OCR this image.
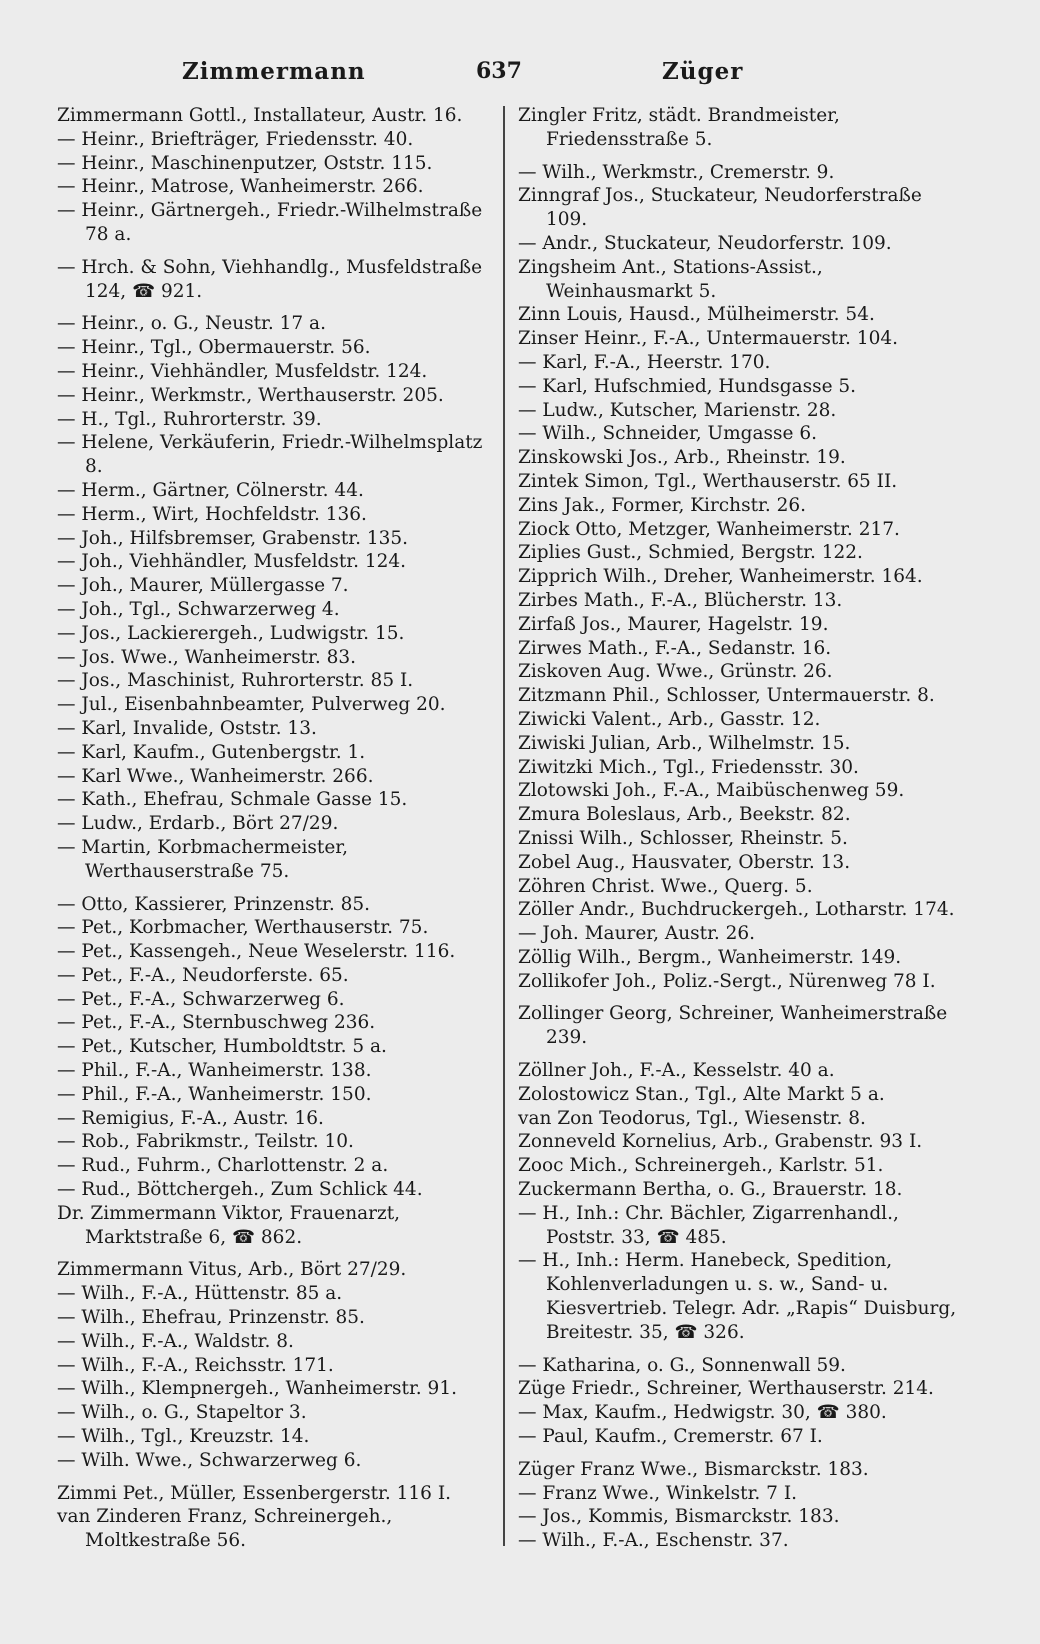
Zimmermann	637	Züger

Zimmermann Gottl., Installateur, Austr. 16.

— Heinr., Briefträger, Friedensstr. 40.

— Heinr., Maschinenputzer, Oststr. 115.

— Heinr., Matrose, Wanheimerstr. 266.

— Heinr., Gärtnergeh., Friedr.-Wilhelmstraße 78 a.

— Hrch. & Sohn, Viehhandlg., Musfeldstraße 124, ☎ 921.

— Heinr., o. G., Neustr. 17 a.

— Heinr., Tgl., Obermauerstr. 56.

— Heinr., Viehhändler, Musfeldstr. 124.

— Heinr., Werkmstr., Werthauserstr. 205.

— H., Tgl., Ruhrorterstr. 39.

— Helene, Verkäuferin, Friedr.-Wilhelmsplatz 8.

— Herm., Gärtner, Cölnerstr. 44.

— Herm., Wirt, Hochfeldstr. 136.

— Joh., Hilfsbremser, Grabenstr. 135.

— Joh., Viehhändler, Musfeldstr. 124.

— Joh., Maurer, Müllergasse 7.

— Joh., Tgl., Schwarzerweg 4.

— Jos., Lackierergeh., Ludwigstr. 15.

— Jos. Wwe., Wanheimerstr. 83.

— Jos., Maschinist, Ruhrorterstr. 85 I.

— Jul., Eisenbahnbeamter, Pulverweg 20.

— Karl, Invalide, Oststr. 13.

— Karl, Kaufm., Gutenbergstr. 1.

— Karl Wwe., Wanheimerstr. 266.

— Kath., Ehefrau, Schmale Gasse 15.

— Ludw., Erdarb., Bört 27/29.

— Martin, Korbmachermeister, Werthauserstraße 75.

— Otto, Kassierer, Prinzenstr. 85.

— Pet., Korbmacher, Werthauserstr. 75.

— Pet., Kassengeh., Neue Weselerstr. 116.

— Pet., F.-A., Neudorferste. 65.

— Pet., F.-A., Schwarzerweg 6.

— Pet., F.-A., Sternbuschweg 236.

— Pet., Kutscher, Humboldtstr. 5 a.

— Phil., F.-A., Wanheimerstr. 138.

— Phil., F.-A., Wanheimerstr. 150.

— Remigius, F.-A., Austr. 16.

— Rob., Fabrikmstr., Teilstr. 10.

— Rud., Fuhrm., Charlottenstr. 2 a.

— Rud., Böttchergeh., Zum Schlick 44.

Dr. Zimmermann Viktor, Frauenarzt, Marktstraße 6, ☎ 862.

Zimmermann Vitus, Arb., Bört 27/29.

— Wilh., F.-A., Hüttenstr. 85 a.

— Wilh., Ehefrau, Prinzenstr. 85.

— Wilh., F.-A., Waldstr. 8.

— Wilh., F.-A., Reichsstr. 171.

— Wilh., Klempnergeh., Wanheimerstr. 91.

— Wilh., o. G., Stapeltor 3.

— Wilh., Tgl., Kreuzstr. 14.

— Wilh. Wwe., Schwarzerweg 6.

Zimmi Pet., Müller, Essenbergerstr. 116 I.

van Zinderen Franz, Schreinergeh., Moltkestraße 56.

Zingler Fritz, städt. Brandmeister, Friedensstraße 5.

— Wilh., Werkmstr., Cremerstr. 9.

Zinngraf Jos., Stuckateur, Neudorferstraße 109.

— Andr., Stuckateur, Neudorferstr. 109.

Zingsheim Ant., Stations-Assist., Weinhausmarkt 5.

Zinn Louis, Hausd., Mülheimerstr. 54.

Zinser Heinr., F.-A., Untermauerstr. 104.

— Karl, F.-A., Heerstr. 170.

— Karl, Hufschmied, Hundsgasse 5.

— Ludw., Kutscher, Marienstr. 28.

— Wilh., Schneider, Umgasse 6.

Zinskowski Jos., Arb., Rheinstr. 19.

Zintek Simon, Tgl., Werthauserstr. 65 II.

Zins Jak., Former, Kirchstr. 26.

Ziock Otto, Metzger, Wanheimerstr. 217.

Ziplies Gust., Schmied, Bergstr. 122.

Zipprich Wilh., Dreher, Wanheimerstr. 164.

Zirbes Math., F.-A., Blücherstr. 13.

Zirfaß Jos., Maurer, Hagelstr. 19.

Zirwes Math., F.-A., Sedanstr. 16.

Ziskoven Aug. Wwe., Grünstr. 26.

Zitzmann Phil., Schlosser, Untermauerstr. 8.

Ziwicki Valent., Arb., Gasstr. 12.

Ziwiski Julian, Arb., Wilhelmstr. 15.

Ziwitzki Mich., Tgl., Friedensstr. 30.

Zlotowski Joh., F.-A., Maibüschenweg 59.

Zmura Boleslaus, Arb., Beekstr. 82.

Znissi Wilh., Schlosser, Rheinstr. 5.

Zobel Aug., Hausvater, Oberstr. 13.

Zöhren Christ. Wwe., Querg. 5.

Zöller Andr., Buchdruckergeh., Lotharstr. 174.

— Joh. Maurer, Austr. 26.

Zöllig Wilh., Bergm., Wanheimerstr. 149.

Zollikofer Joh., Poliz.-Sergt., Nürenweg 78 I.

Zollinger Georg, Schreiner, Wanheimerstraße 239.

Zöllner Joh., F.-A., Kesselstr. 40 a.

Zolostowicz Stan., Tgl., Alte Markt 5 a.

van Zon Teodorus, Tgl., Wiesenstr. 8.

Zonneveld Kornelius, Arb., Grabenstr. 93 I.

Zooc Mich., Schreinergeh., Karlstr. 51.

Zuckermann Bertha, o. G., Brauerstr. 18.

— H., Inh.: Chr. Bächler, Zigarrenhandl., Poststr. 33, ☎ 485.

— H., Inh.: Herm. Hanebeck, Spedition, Kohlenverladungen u. s. w., Sand- u. Kiesvertrieb. Telegr. Adr. „Rapis“ Duisburg, Breitestr. 35, ☎ 326.

— Katharina, o. G., Sonnenwall 59.

Züge Friedr., Schreiner, Werthauserstr. 214.

— Max, Kaufm., Hedwigstr. 30, ☎ 380.

— Paul, Kaufm., Cremerstr. 67 I.

Züger Franz Wwe., Bismarckstr. 183.

— Franz Wwe., Winkelstr. 7 I.

— Jos., Kommis, Bismarckstr. 183.

— Wilh., F.-A., Eschenstr. 37.
